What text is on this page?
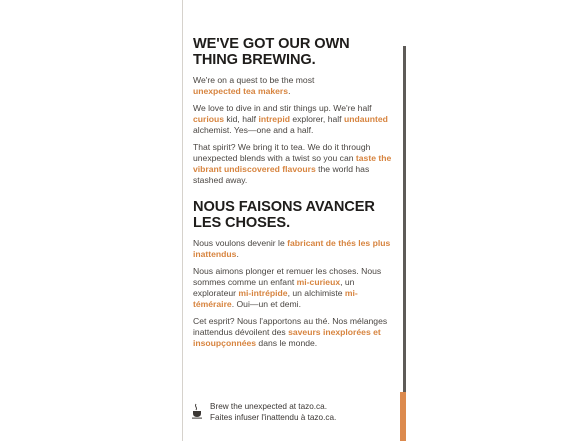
WE'VE GOT OUR OWN
THING BREWING.

We're on a quest to be the most
unexpected tea makers.

We love to dive in and stir things up. We're half curious kid, half intrepid explorer, half undaunted alchemist. Yes—one and a half.

That spirit? We bring it to tea. We do it through unexpected blends with a twist so you can taste the vibrant undiscovered flavours the world has stashed away.

NOUS FAISONS AVANCER
LES CHOSES.

Nous voulons devenir le fabricant de thés les plus inattendus.

Nous aimons plonger et remuer les choses. Nous sommes comme un enfant mi-curieux, un explorateur mi-intrépide, un alchimiste mi-téméraire. Oui—un et demi.

Cet esprit? Nous l'apportons au thé. Nos mélanges inattendus dévoilent des saveurs inexplorées et insoupçonnées dans le monde.

Brew the unexpected at tazo.ca.
Faites infuser l'inattendu à tazo.ca.
